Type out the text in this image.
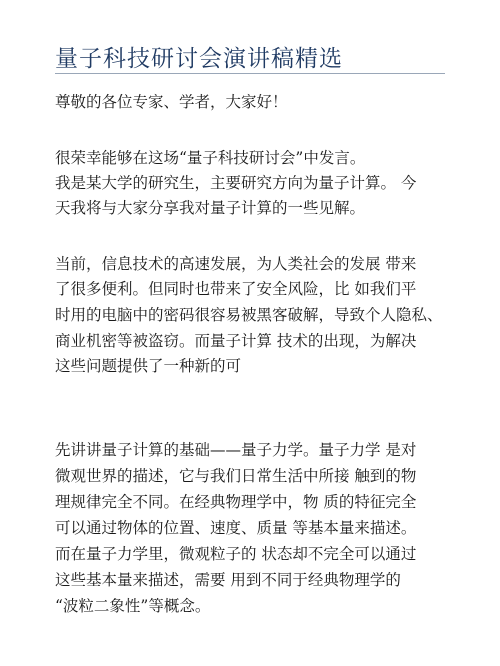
量子科技研讨会演讲稿精选
尊敬的各位专家、学者，大家好！
很荣幸能够在这场“量子科技研讨会”中发言。
我是某大学的研究生，主要研究方向为量子计算。 今
天我将与大家分享我对量子计算的一些见解。
当前，信息技术的高速发展，为人类社会的发展 带来
了很多便利。但同时也带来了安全风险，比 如我们平
时用的电脑中的密码很容易被黑客破解，导致个人隐私、
商业机密等被盗窃。而量子计算 技术的出现，为解决
这些问题提供了一种新的可
先讲讲量子计算的基础——量子力学。量子力学 是对
微观世界的描述，它与我们日常生活中所接 触到的物
理规律完全不同。在经典物理学中，物 质的特征完全
可以通过物体的位置、速度、质量 等基本量来描述。
而在量子力学里，微观粒子的 状态却不完全可以通过
这些基本量来描述，需要 用到不同于经典物理学的
“波粒二象性”等概念。
